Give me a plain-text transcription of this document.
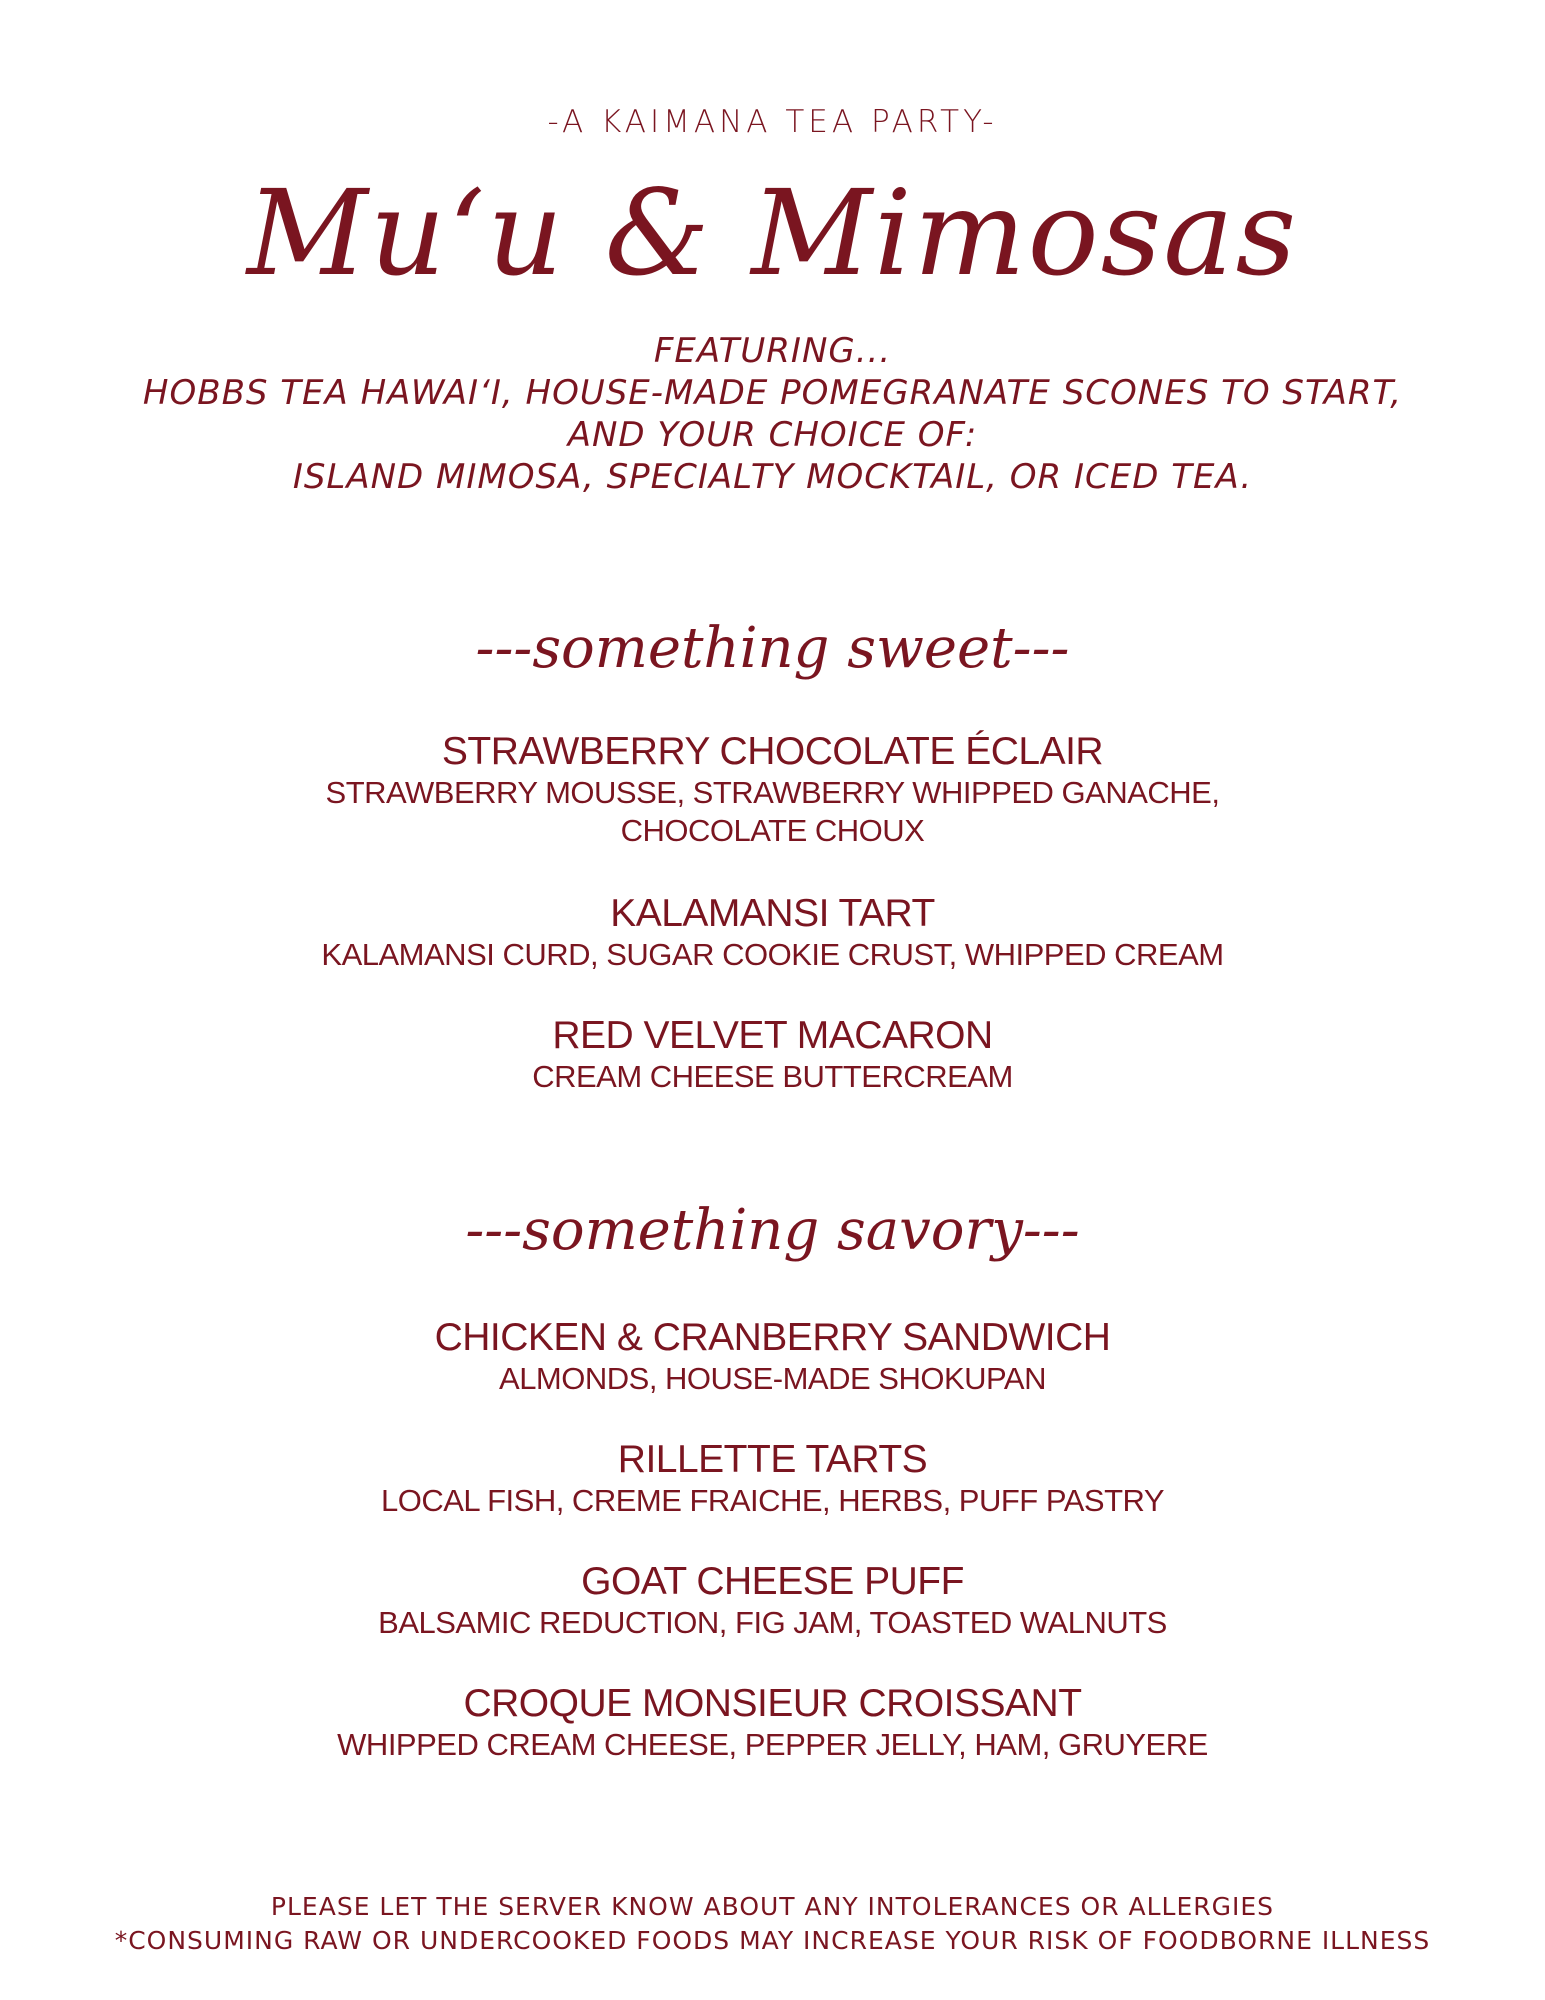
-A KAIMANA TEA PARTY-
Mu‘u & Mimosas
FEATURING...
HOBBS TEA HAWAI‘I, HOUSE-MADE POMEGRANATE SCONES TO START,
AND YOUR CHOICE OF:
ISLAND MIMOSA, SPECIALTY MOCKTAIL, OR ICED TEA.
---something sweet---
STRAWBERRY CHOCOLATE ÉCLAIR
STRAWBERRY MOUSSE, STRAWBERRY WHIPPED GANACHE,
CHOCOLATE CHOUX
KALAMANSI TART
KALAMANSI CURD, SUGAR COOKIE CRUST, WHIPPED CREAM
RED VELVET MACARON
CREAM CHEESE BUTTERCREAM
---something savory---
CHICKEN & CRANBERRY SANDWICH
ALMONDS, HOUSE-MADE SHOKUPAN
RILLETTE TARTS
LOCAL FISH, CREME FRAICHE, HERBS, PUFF PASTRY
GOAT CHEESE PUFF
BALSAMIC REDUCTION, FIG JAM, TOASTED WALNUTS
CROQUE MONSIEUR CROISSANT
WHIPPED CREAM CHEESE, PEPPER JELLY, HAM, GRUYERE
PLEASE LET THE SERVER KNOW ABOUT ANY INTOLERANCES OR ALLERGIES
*CONSUMING RAW OR UNDERCOOKED FOODS MAY INCREASE YOUR RISK OF FOODBORNE ILLNESS
